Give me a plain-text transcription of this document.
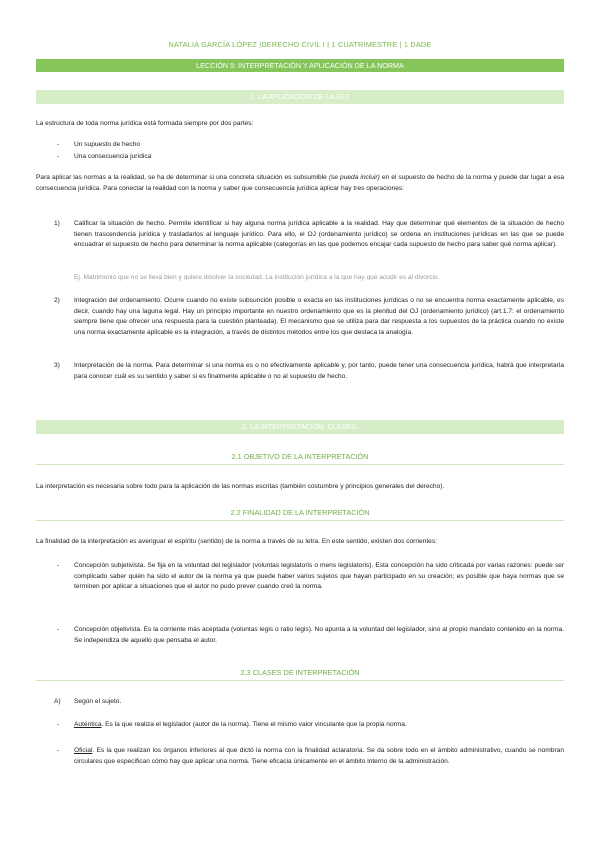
NATALIA GARCÍA LÓPEZ |DERECHO CIVIL I | 1 CUATRIMESTRE | 1 DADE
LECCIÓN 5: INTERPRETACIÓN Y APLICACIÓN DE LA NORMA
1. LA APLICACIÓN DE LA LEY
La estructura de toda norma jurídica está formada siempre por dos partes:
- Un supuesto de hecho
- Una consecuencia jurídica
Para aplicar las normas a la realidad, se ha de determinar si una concreta situación es subsumible (se pueda incluir) en el supuesto de hecho de la norma y puede dar lugar a esa consecuencia jurídica. Para conectar la realidad con la norma y saber que consecuencia jurídica aplicar hay tres operaciones:
1) Calificar la situación de hecho. Permite identificar si hay alguna norma jurídica aplicable a la realidad. Hay que determinar qué elementos de la situación de hecho tienen trascendencia jurídica y trasladarlos al lenguaje jurídico. Para ello, el OJ (ordenamiento jurídico) se ordena en instituciones jurídicas en las que se puede encuadrar el supuesto de hecho para determinar la norma aplicable (categorías en las que podemos encajar cada supuesto de hecho para saber qué norma aplicar).
Ej. Matrimonio que no se lleva bien y quiere disolver la sociedad. La institución jurídica a la que hay que acudir es al divorcio.
2) Integración del ordenamiento. Ocurre cuando no existe subsunción posible o exacta en las instituciones jurídicas o no se encuentra norma exactamente aplicable, es decir, cuando hay una laguna legal. Hay un principio importante en nuestro ordenamiento que es la plenitud del OJ (ordenamiento jurídico) (art.1.7: el ordenamiento siempre tiene que ofrecer una respuesta para la cuestión planteada). El mecanismo que se utiliza para dar respuesta a los supuestos de la práctica cuando no existe una norma exactamente aplicable es la integración, a través de distintos métodos entre los que destaca la analogía.
3) Interpretación de la norma. Para determinar si una norma es o no efectivamente aplicable y, por tanto, puede tener una consecuencia jurídica, habrá que interpretarla para conocer cuál es su sentido y saber si es finalmente aplicable o no al supuesto de hecho.
2. LA INTERPRETACIÓN. CLASES.
2.1 OBJETIVO DE LA INTERPRETACIÓN
La interpretación es necesaria sobre todo para la aplicación de las normas escritas (también costumbre y principios generales del derecho).
2.2 FINALIDAD DE LA INTERPRETACIÓN
La finalidad de la interpretación es averiguar el espíritu (sentido) de la norma a través de su letra. En este sentido, existen dos corrientes:
- Concepción subjetivista. Se fija en la voluntad del legislador (voluntas legislatoris o mens legislatoris). Esta concepción ha sido criticada por varias razones: puede ser complicado saber quién ha sido el autor de la norma ya que puede haber varios sujetos que hayan participado en su creación; es posible que haya normas que se terminen por aplicar a situaciones que el autor no pudo prever cuando creó la norma.
- Concepción objetivista. Es la corriente más aceptada (voluntas legis o ratio legis). No apunta a la voluntad del legislador, sino al propio mandato contenido en la norma. Se independiza de aquello que pensaba el autor.
2.3 CLASES DE INTERPRETACIÓN
A) Según el sujeto.
- Auténtica. Es la que realiza el legislador (autor de la norma). Tiene el mismo valor vinculante que la propia norma.
- Oficial. Es la que realizan los órganos inferiores al que dictó la norma con la finalidad aclaratoria. Se da sobre todo en el ámbito administrativo, cuando se nombran circulares que especifican cómo hay que aplicar una norma. Tiene eficacia únicamente en el ámbito interno de la administración.
